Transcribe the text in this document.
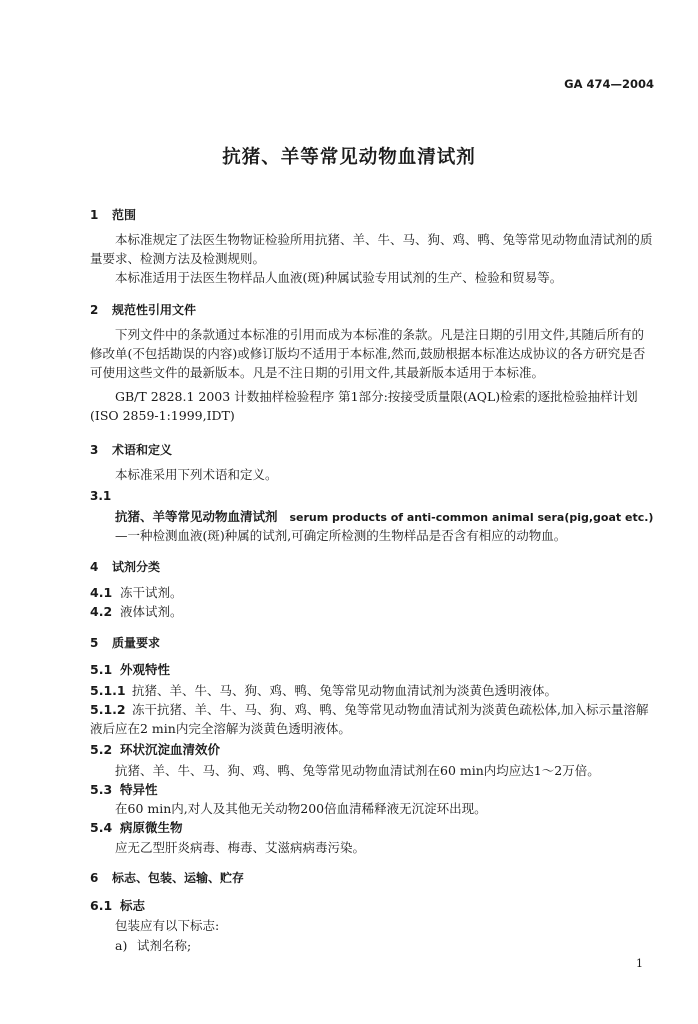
GA 474—2004
抗猪、羊等常见动物血清试剂
1 范围
本标准规定了法医生物物证检验所用抗猪、羊、牛、马、狗、鸡、鸭、兔等常见动物血清试剂的质量要求、检测方法及检测规则。
本标准适用于法医生物样品人血液(斑)种属试验专用试剂的生产、检验和贸易等。
2 规范性引用文件
下列文件中的条款通过本标准的引用而成为本标准的条款。凡是注日期的引用文件,其随后所有的修改单(不包括勘误的内容)或修订版均不适用于本标准,然而,鼓励根据本标准达成协议的各方研究是否可使用这些文件的最新版本。凡是不注日期的引用文件,其最新版本适用于本标准。
GB/T 2828.1 2003 计数抽样检验程序 第1部分:按接受质量限(AQL)检索的逐批检验抽样计划(ISO 2859-1:1999,IDT)
3 术语和定义
本标准采用下列术语和定义。
3.1
抗猪、羊等常见动物血清试剂 serum products of anti-common animal sera(pig,goat etc.)
—一种检测血液(斑)种属的试剂,可确定所检测的生物样品是否含有相应的动物血。
4 试剂分类
4.1 冻干试剂。
4.2 液体试剂。
5 质量要求
5.1 外观特性
5.1.1 抗猪、羊、牛、马、狗、鸡、鸭、兔等常见动物血清试剂为淡黄色透明液体。
5.1.2 冻干抗猪、羊、牛、马、狗、鸡、鸭、兔等常见动物血清试剂为淡黄色疏松体,加入标示量溶解液后应在2 min内完全溶解为淡黄色透明液体。
5.2 环状沉淀血清效价
抗猪、羊、牛、马、狗、鸡、鸭、兔等常见动物血清试剂在60 min内均应达1～2万倍。
5.3 特异性
在60 min内,对人及其他无关动物200倍血清稀释液无沉淀环出现。
5.4 病原微生物
应无乙型肝炎病毒、梅毒、艾滋病病毒污染。
6 标志、包装、运输、贮存
6.1 标志
包装应有以下标志:
a) 试剂名称;
1
